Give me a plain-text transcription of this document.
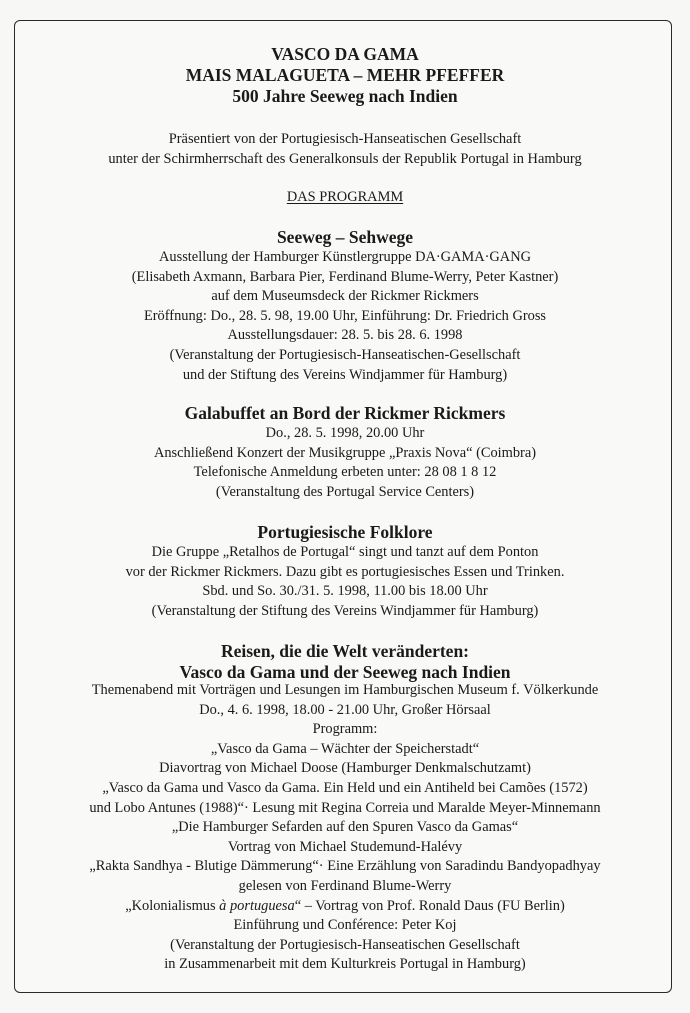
VASCO DA GAMA
MAIS MALAGUETA – MEHR PFEFFER
500 Jahre Seeweg nach Indien
Präsentiert von der Portugiesisch-Hanseatischen Gesellschaft
unter der Schirmherrschaft des Generalkonsuls der Republik Portugal in Hamburg
DAS PROGRAMM
Seeweg – Sehwege
Ausstellung der Hamburger Künstlergruppe DA·GAMA·GANG
(Elisabeth Axmann, Barbara Pier, Ferdinand Blume-Werry, Peter Kastner)
auf dem Museumsdeck der Rickmer Rickmers
Eröffnung: Do., 28. 5. 98, 19.00 Uhr, Einführung: Dr. Friedrich Gross
Ausstellungsdauer: 28. 5. bis 28. 6. 1998
(Veranstaltung der Portugiesisch-Hanseatischen-Gesellschaft
und der Stiftung des Vereins Windjammer für Hamburg)
Galabuffet an Bord der Rickmer Rickmers
Do., 28. 5. 1998, 20.00 Uhr
Anschließend Konzert der Musikgruppe „Praxis Nova“ (Coimbra)
Telefonische Anmeldung erbeten unter: 28 08 1 8 12
(Veranstaltung des Portugal Service Centers)
Portugiesische Folklore
Die Gruppe „Retalhos de Portugal“ singt und tanzt auf dem Ponton
vor der Rickmer Rickmers. Dazu gibt es portugiesisches Essen und Trinken.
Sbd. und So. 30./31. 5. 1998, 11.00 bis 18.00 Uhr
(Veranstaltung der Stiftung des Vereins Windjammer für Hamburg)
Reisen, die die Welt veränderten:
Vasco da Gama und der Seeweg nach Indien
Themenabend mit Vorträgen und Lesungen im Hamburgischen Museum f. Völkerkunde
Do., 4. 6. 1998, 18.00 - 21.00 Uhr, Großer Hörsaal
Programm:
„Vasco da Gama – Wächter der Speicherstadt“
Diavortrag von Michael Doose (Hamburger Denkmalschutzamt)
„Vasco da Gama und Vasco da Gama. Ein Held und ein Antiheld bei Camões (1572)
und Lobo Antunes (1988)“· Lesung mit Regina Correia und Maralde Meyer-Minnemann
„Die Hamburger Sefarden auf den Spuren Vasco da Gamas“
Vortrag von Michael Studemund-Halévy
„Rakta Sandhya - Blutige Dämmerung“· Eine Erzählung von Saradindu Bandyopadhyay
gelesen von Ferdinand Blume-Werry
„Kolonialismus à portuguesa“ – Vortrag von Prof. Ronald Daus (FU Berlin)
Einführung und Conférence: Peter Koj
(Veranstaltung der Portugiesisch-Hanseatischen Gesellschaft
in Zusammenarbeit mit dem Kulturkreis Portugal in Hamburg)
